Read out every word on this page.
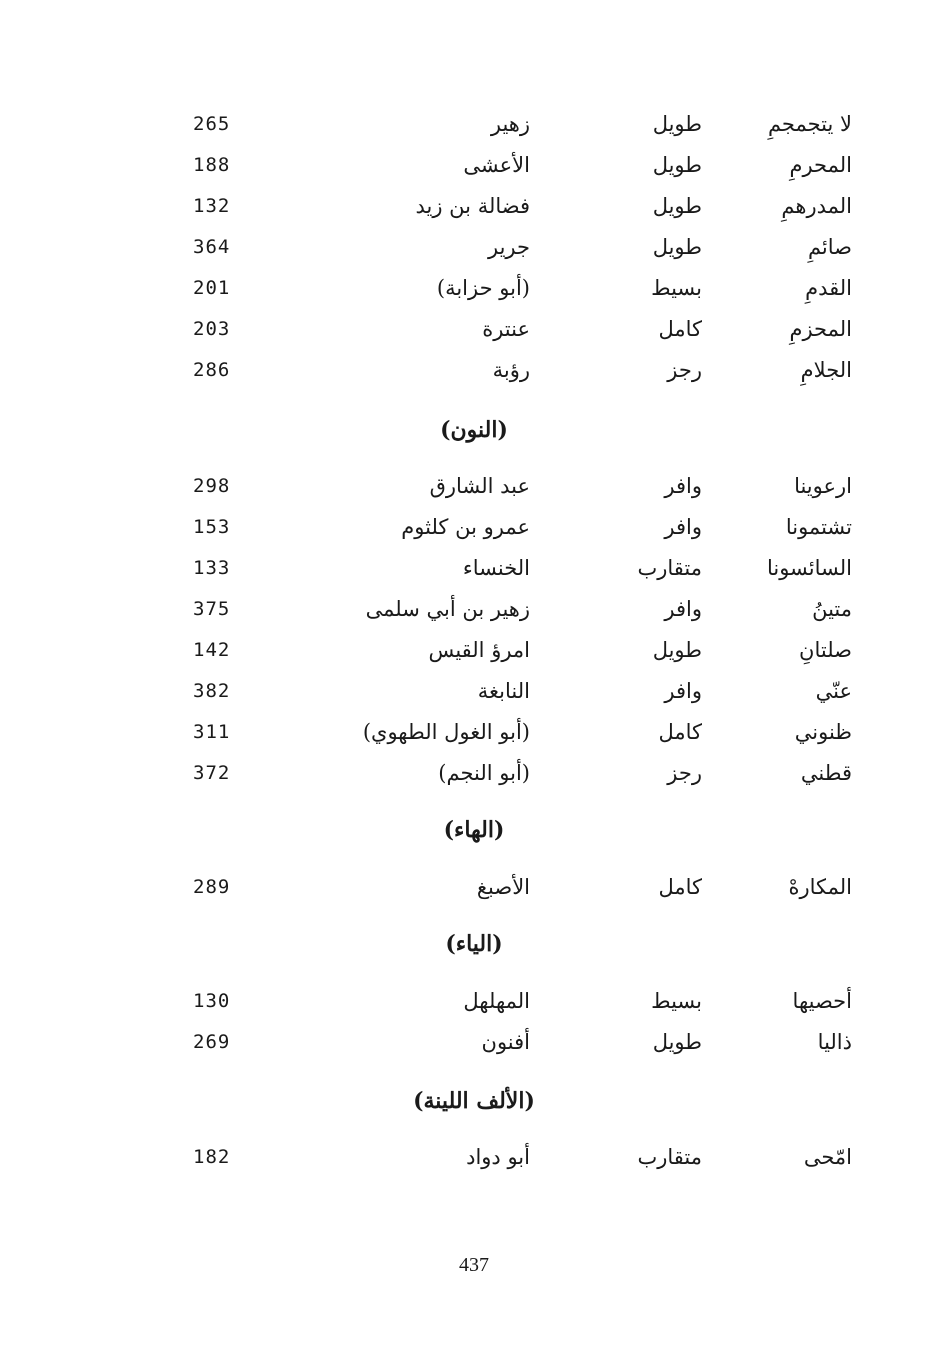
لا يتجمجمِ
طويل
زهير
265
المحرمِ
طويل
الأعشى
188
المدرهمِ
طويل
فضالة بن زيد
132
صائمِ
طويل
جرير
364
القدمِ
بسيط
(أبو حزابة)
201
المحزمِ
كامل
عنترة
203
الجلامِ
رجز
رؤبة
286
(النون)
ارعوينا
وافر
عبد الشارق
298
تشتمونا
وافر
عمرو بن كلثوم
153
السائسونا
متقارب
الخنساء
133
متينُ
وافر
زهير بن أبي سلمى
375
صلتانِ
طويل
امرؤ القيس
142
عنّي
وافر
النابغة
382
ظنوني
كامل
(أبو الغول الطهوي)
311
قطني
رجز
(أبو النجم)
372
(الهاء)
المكارهْ
كامل
الأصبغ
289
(الياء)
أحصيها
بسيط
المهلهل
130
ذاليا
طويل
أفنون
269
(الألف اللينة)
امّحى
متقارب
أبو دواد
182
437
